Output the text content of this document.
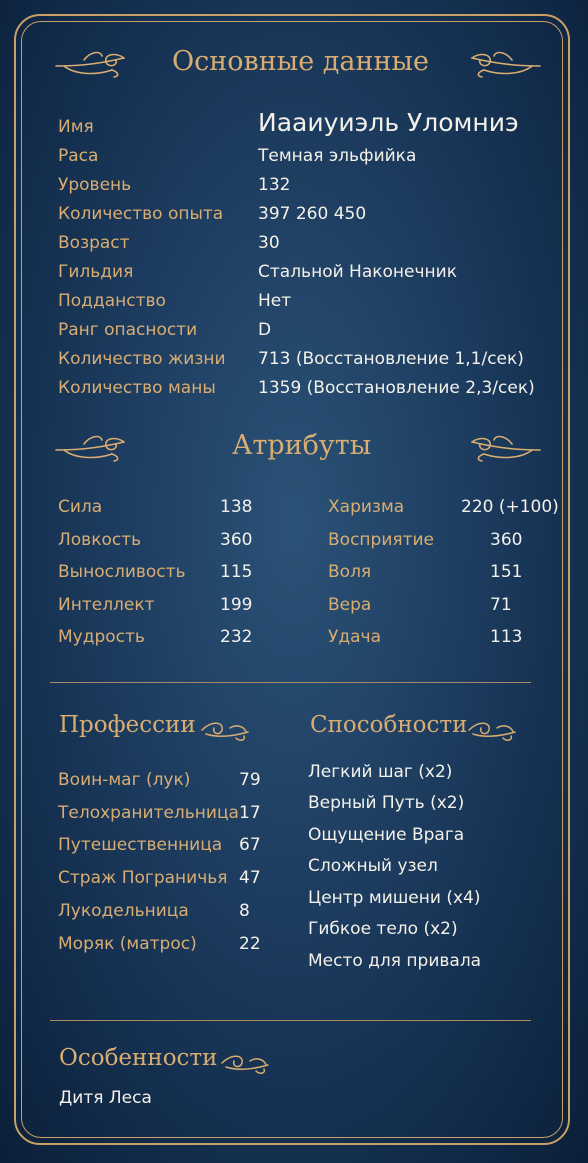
Основные данные
Имя	Иааиуиэль Уломниэ
Раса	Темная эльфийка
Уровень	132
Количество опыта 397 260 450
Возраст	30
Гильдия	Стальной Наконечник
Подданство	Нет
Ранг опасности	D
Количество жизни 713 (Восстановление 1,1/сек)
Количество маны 1359 (Восстановление 2,3/сек)
Атрибуты
Сила	138	Харизма	220 (+100)
Ловкость	360	Восприятие	360
Выносливость 115	Воля	151
Интеллект	199	Вера	71
Мудрость	232	Удача	113
Профессии
Воин-маг (лук)	79
Телохранительница 17
Путешественница 67
Страж Пограничья 47
Лукодельница	8
Моряк (матрос) 22
Способности
Легкий шаг (х2)
Верный Путь (х2)
Ощущение Врага
Сложный узел
Центр мишени (х4)
Гибкое тело (х2)
Место для привала
Особенности
Дитя Леса
